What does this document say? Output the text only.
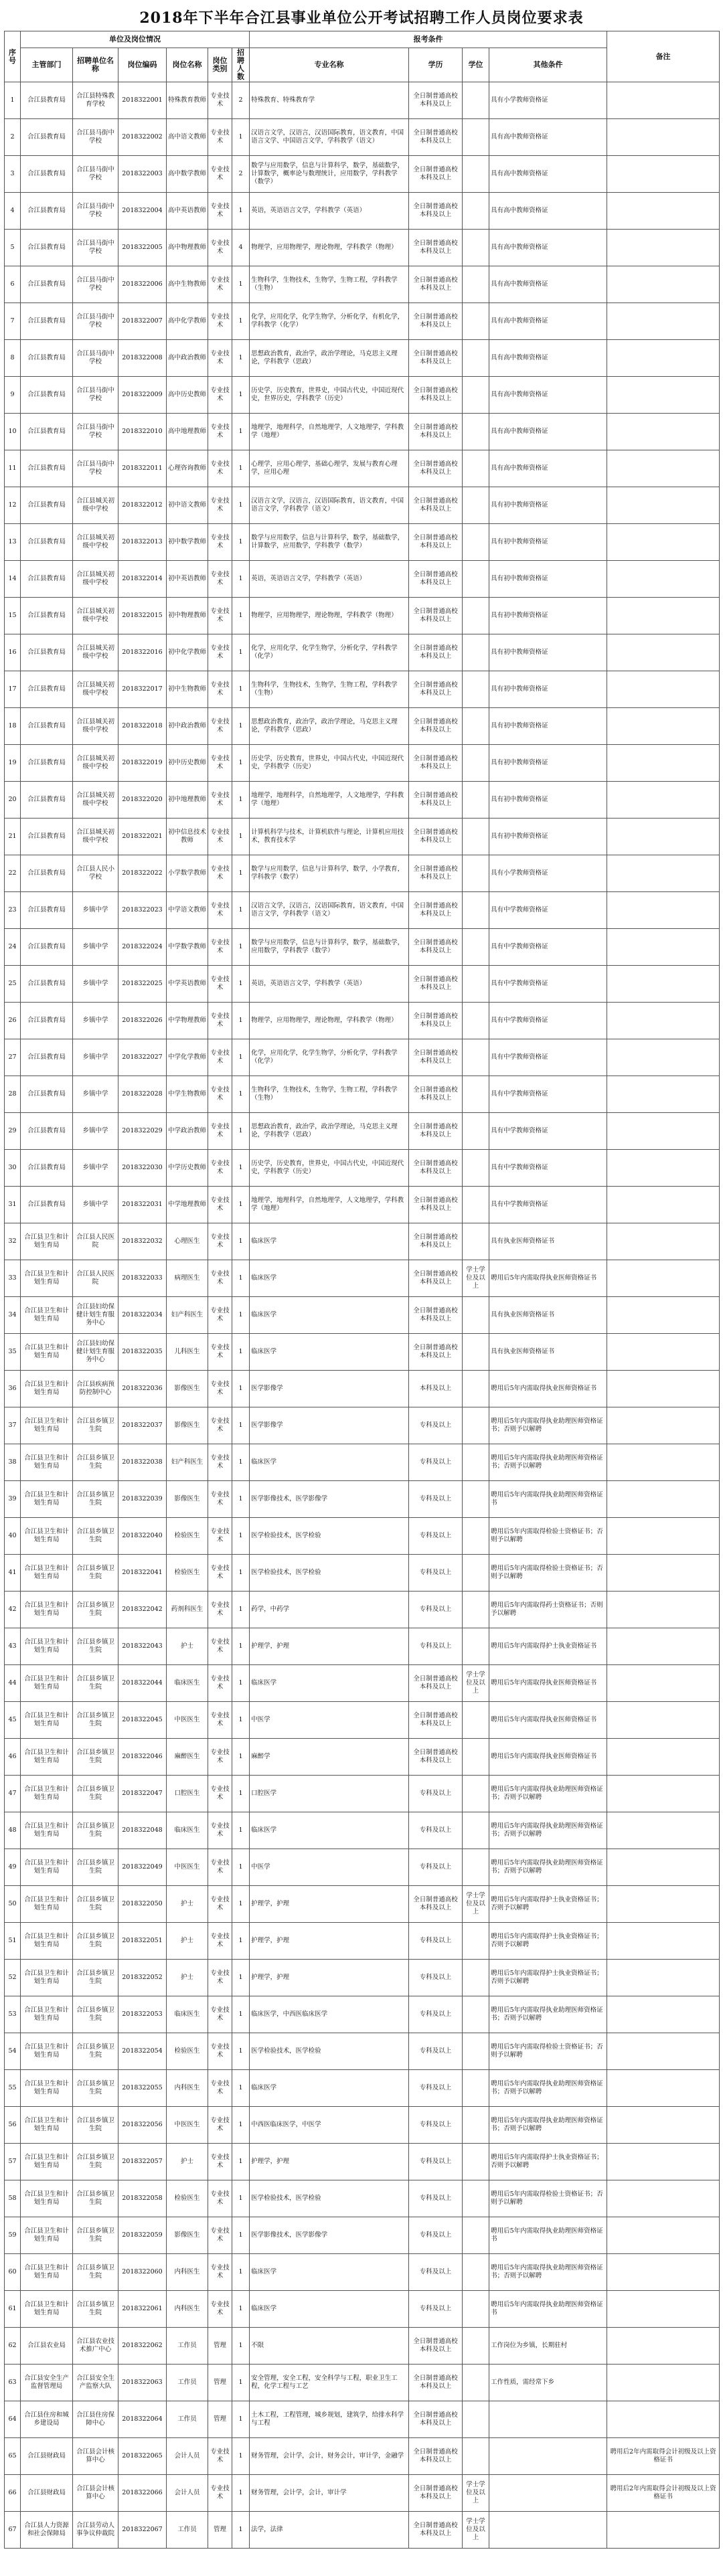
2018年下半年合江县事业单位公开考试招聘工作人员岗位要求表
序号	单位及岗位情况						报考条件				备注
	主管部门	招聘单位名称	岗位编码	岗位名称	岗位类别	招聘人数	专业名称	学历	学位	其他条件	
1	合江县教育局	合江县特殊教育学校	2018322001	特殊教育教师	专业技术	2	特殊教育、特殊教育学	全日制普通高校本科及以上		具有小学教师资格证	
2	合江县教育局	合江县马街中学校	2018322002	高中语文教师	专业技术	1	汉语言文学，汉语言，汉语国际教育，语文教育，中国语言文学、中国语言文学，学科教学（语文）	全日制普通高校本科及以上		具有高中教师资格证	
3	合江县教育局	合江县马街中学校	2018322003	高中数学教师	专业技术	2	数学与应用数学，信息与计算科学，数学，基础数学，计算数学，概率论与数理统计，应用数学，学科教学（数学）	全日制普通高校本科及以上		具有高中教师资格证	
4	合江县教育局	合江县马街中学校	2018322004	高中英语教师	专业技术	1	英语，英语语言文学，学科教学（英语）	全日制普通高校本科及以上		具有高中教师资格证	
5	合江县教育局	合江县马街中学校	2018322005	高中物理教师	专业技术	4	物理学，应用物理学，理论物理，学科教学（物理）	全日制普通高校本科及以上		具有高中教师资格证	
6	合江县教育局	合江县马街中学校	2018322006	高中生物教师	专业技术	1	生物科学，生物技术，生物学，生物工程，学科教学（生物）	全日制普通高校本科及以上		具有高中教师资格证	
7	合江县教育局	合江县马街中学校	2018322007	高中化学教师	专业技术	1	化学，应用化学，化学生物学，分析化学，有机化学，学科教学（化学）	全日制普通高校本科及以上		具有高中教师资格证	
8	合江县教育局	合江县马街中学校	2018322008	高中政治教师	专业技术	1	思想政治教育，政治学，政治学理论，马克思主义理论，学科教学（思政）	全日制普通高校本科及以上		具有高中教师资格证	
9	合江县教育局	合江县马街中学校	2018322009	高中历史教师	专业技术	1	历史学，历史教育，世界史，中国古代史，中国近现代史，世界历史，学科教学（历史）	全日制普通高校本科及以上		具有高中教师资格证	
10	合江县教育局	合江县马街中学校	2018322010	高中地理教师	专业技术	1	地理学，地理科学，自然地理学，人文地理学，学科教学（地理）	全日制普通高校本科及以上		具有高中教师资格证	
11	合江县教育局	合江县马街中学校	2018322011	心理咨询教师	专业技术	1	心理学，应用心理学，基础心理学，发展与教育心理学，应用心理	全日制普通高校本科及以上		具有高中教师资格证	
12	合江县教育局	合江县城关初级中学校	2018322012	初中语文教师	专业技术	1	汉语言文学，汉语言，汉语国际教育，语文教育，中国语言文学，学科教学（语文）	全日制普通高校本科及以上		具有初中教师资格证	
13	合江县教育局	合江县城关初级中学校	2018322013	初中数学教师	专业技术	1	数学与应用数学，信息与计算科学，数学，基础数学，计算数学，应用数学，学科教学（数学）	全日制普通高校本科及以上		具有初中教师资格证	
14	合江县教育局	合江县城关初级中学校	2018322014	初中英语教师	专业技术	1	英语，英语语言文学，学科教学（英语）	全日制普通高校本科及以上		具有初中教师资格证	
15	合江县教育局	合江县城关初级中学校	2018322015	初中物理教师	专业技术	1	物理学，应用物理学，理论物理，学科教学（物理）	全日制普通高校本科及以上		具有初中教师资格证	
16	合江县教育局	合江县城关初级中学校	2018322016	初中化学教师	专业技术	1	化学，应用化学，化学生物学，分析化学，学科教学（化学）	全日制普通高校本科及以上		具有初中教师资格证	
17	合江县教育局	合江县城关初级中学校	2018322017	初中生物教师	专业技术	1	生物科学，生物技术，生物学，生物工程，学科教学（生物）	全日制普通高校本科及以上		具有初中教师资格证	
18	合江县教育局	合江县城关初级中学校	2018322018	初中政治教师	专业技术	1	思想政治教育，政治学，政治学理论，马克思主义理论，学科教学（思政）	全日制普通高校本科及以上		具有初中教师资格证	
19	合江县教育局	合江县城关初级中学校	2018322019	初中历史教师	专业技术	1	历史学，历史教育，世界史，中国古代史，中国近现代史，学科教学（历史）	全日制普通高校本科及以上		具有初中教师资格证	
20	合江县教育局	合江县城关初级中学校	2018322020	初中地理教师	专业技术	1	地理学，地理科学，自然地理学，人文地理学，学科教学（地理）	全日制普通高校本科及以上		具有初中教师资格证	
21	合江县教育局	合江县城关初级中学校	2018322021	初中信息技术教师	专业技术	1	计算机科学与技术，计算机软件与理论，计算机应用技术，教育技术学	全日制普通高校本科及以上		具有初中教师资格证	
22	合江县教育局	合江县人民小学校	2018322022	小学数学教师	专业技术	1	数学与应用数学，信息与计算科学，数学，小学教育，学科教学（数学）	全日制普通高校本科及以上		具有小学教师资格证	
23	合江县教育局	乡镇中学	2018322023	中学语文教师	专业技术	1	汉语言文学，汉语言，汉语国际教育，语文教育，中国语言文学，学科教学（语文）	全日制普通高校本科及以上		具有中学教师资格证	
24	合江县教育局	乡镇中学	2018322024	中学数学教师	专业技术	1	数学与应用数学，信息与计算科学，数学，基础数学，应用数学，学科教学（数学）	全日制普通高校本科及以上		具有中学教师资格证	
25	合江县教育局	乡镇中学	2018322025	中学英语教师	专业技术	1	英语，英语语言文学，学科教学（英语）	全日制普通高校本科及以上		具有中学教师资格证	
26	合江县教育局	乡镇中学	2018322026	中学物理教师	专业技术	1	物理学，应用物理学，理论物理，学科教学（物理）	全日制普通高校本科及以上		具有中学教师资格证	
27	合江县教育局	乡镇中学	2018322027	中学化学教师	专业技术	1	化学，应用化学，化学生物学，分析化学，学科教学（化学）	全日制普通高校本科及以上		具有中学教师资格证	
28	合江县教育局	乡镇中学	2018322028	中学生物教师	专业技术	1	生物科学，生物技术，生物学，生物工程，学科教学（生物）	全日制普通高校本科及以上		具有中学教师资格证	
29	合江县教育局	乡镇中学	2018322029	中学政治教师	专业技术	1	思想政治教育，政治学，政治学理论，马克思主义理论，学科教学（思政）	全日制普通高校本科及以上		具有中学教师资格证	
30	合江县教育局	乡镇中学	2018322030	中学历史教师	专业技术	1	历史学，历史教育，世界史，中国古代史，中国近现代史，学科教学（历史）	全日制普通高校本科及以上		具有中学教师资格证	
31	合江县教育局	乡镇中学	2018322031	中学地理教师	专业技术	1	地理学，地理科学，自然地理学，人文地理学，学科教学（地理）	全日制普通高校本科及以上		具有中学教师资格证	
32	合江县卫生和计划生育局	合江县人民医院	2018322032	心理医生	专业技术	1	临床医学	全日制普通高校本科及以上		具有执业医师资格证书	
33	合江县卫生和计划生育局	合江县人民医院	2018322033	病理医生	专业技术	1	临床医学	全日制普通高校本科及以上	学士学位及以上	聘用后5年内需取得执业医师资格证书	
34	合江县卫生和计划生育局	合江县妇幼保健计划生育服务中心	2018322034	妇产科医生	专业技术	1	临床医学	全日制普通高校本科及以上		具有执业医师资格证书	
35	合江县卫生和计划生育局	合江县妇幼保健计划生育服务中心	2018322035	儿科医生	专业技术	1	临床医学	全日制普通高校本科及以上		具有执业医师资格证书	
36	合江县卫生和计划生育局	合江县疾病预防控制中心	2018322036	影像医生	专业技术	1	医学影像学	本科及以上		聘用后5年内需取得执业医师资格证书	
37	合江县卫生和计划生育局	合江县乡镇卫生院	2018322037	影像医生	专业技术	1	医学影像学	专科及以上		聘用后5年内需取得执业助理医师资格证书；否则予以解聘	
38	合江县卫生和计划生育局	合江县乡镇卫生院	2018322038	妇产科医生	专业技术	1	临床医学	专科及以上		聘用后5年内需取得执业助理医师资格证书；否则予以解聘	
39	合江县卫生和计划生育局	合江县乡镇卫生院	2018322039	影像医生	专业技术	1	医学影像技术，医学影像学	专科及以上		聘用后5年内需取得执业助理医师资格证书	
40	合江县卫生和计划生育局	合江县乡镇卫生院	2018322040	检验医生	专业技术	1	医学检验技术，医学检验	专科及以上		聘用后5年内需取得检验士资格证书；否则予以解聘	
41	合江县卫生和计划生育局	合江县乡镇卫生院	2018322041	检验医生	专业技术	1	医学检验技术，医学检验	专科及以上		聘用后5年内需取得检验士资格证书；否则予以解聘	
42	合江县卫生和计划生育局	合江县乡镇卫生院	2018322042	药剂科医生	专业技术	1	药学，中药学	专科及以上		聘用后5年内需取得药士资格证书；否则予以解聘	
43	合江县卫生和计划生育局	合江县乡镇卫生院	2018322043	护士	专业技术	1	护理学，护理	专科及以上		聘用后5年内需取得护士执业资格证书	
44	合江县卫生和计划生育局	合江县乡镇卫生院	2018322044	临床医生	专业技术	1	临床医学	全日制普通高校本科及以上	学士学位及以上	聘用后5年内需取得执业医师资格证书	
45	合江县卫生和计划生育局	合江县乡镇卫生院	2018322045	中医医生	专业技术	1	中医学	全日制普通高校本科及以上		聘用后5年内需取得执业医师资格证书	
46	合江县卫生和计划生育局	合江县乡镇卫生院	2018322046	麻醉医生	专业技术	1	麻醉学	全日制普通高校本科及以上		聘用后5年内需取得执业医师资格证书	
47	合江县卫生和计划生育局	合江县乡镇卫生院	2018322047	口腔医生	专业技术	1	口腔医学	专科及以上		聘用后5年内需取得执业助理医师资格证书；否则予以解聘	
48	合江县卫生和计划生育局	合江县乡镇卫生院	2018322048	临床医生	专业技术	1	临床医学	专科及以上		聘用后5年内需取得执业助理医师资格证书；否则予以解聘	
49	合江县卫生和计划生育局	合江县乡镇卫生院	2018322049	中医医生	专业技术	1	中医学	专科及以上		聘用后5年内需取得执业助理医师资格证书；否则予以解聘	
50	合江县卫生和计划生育局	合江县乡镇卫生院	2018322050	护士	专业技术	1	护理学，护理	全日制普通高校本科及以上	学士学位及以上	聘用后5年内需取得护士执业资格证书；否则予以解聘	
51	合江县卫生和计划生育局	合江县乡镇卫生院	2018322051	护士	专业技术	1	护理学，护理	专科及以上		聘用后5年内需取得护士执业资格证书；否则予以解聘	
52	合江县卫生和计划生育局	合江县乡镇卫生院	2018322052	护士	专业技术	1	护理学，护理	专科及以上		聘用后5年内需取得护士执业资格证书；否则予以解聘	
53	合江县卫生和计划生育局	合江县乡镇卫生院	2018322053	临床医生	专业技术	1	临床医学，中西医临床医学	专科及以上		聘用后5年内需取得执业助理医师资格证书；否则予以解聘	
54	合江县卫生和计划生育局	合江县乡镇卫生院	2018322054	检验医生	专业技术	1	医学检验技术，医学检验	专科及以上		聘用后5年内需取得检验士资格证书；否则予以解聘	
55	合江县卫生和计划生育局	合江县乡镇卫生院	2018322055	内科医生	专业技术	1	临床医学	专科及以上		聘用后5年内需取得执业助理医师资格证书；否则予以解聘	
56	合江县卫生和计划生育局	合江县乡镇卫生院	2018322056	中医医生	专业技术	1	中西医临床医学，中医学	专科及以上		聘用后5年内需取得执业助理医师资格证书；否则予以解聘	
57	合江县卫生和计划生育局	合江县乡镇卫生院	2018322057	护士	专业技术	1	护理学，护理	专科及以上		聘用后5年内需取得护士执业资格证书；否则予以解聘	
58	合江县卫生和计划生育局	合江县乡镇卫生院	2018322058	检验医生	专业技术	1	医学检验技术，医学检验	专科及以上		聘用后5年内需取得检验士资格证书；否则予以解聘	
59	合江县卫生和计划生育局	合江县乡镇卫生院	2018322059	影像医生	专业技术	1	医学影像技术，医学影像学	专科及以上		聘用后5年内需取得执业助理医师资格证书	
60	合江县卫生和计划生育局	合江县乡镇卫生院	2018322060	内科医生	专业技术	1	临床医学	专科及以上		聘用后5年内需取得执业助理医师资格证书；否则予以解聘	
61	合江县卫生和计划生育局	合江县乡镇卫生院	2018322061	内科医生	专业技术	1	临床医学	专科及以上		聘用后5年内需取得执业助理医师资格证书	
62	合江县农业局	合江县农业技术推广中心	2018322062	工作员	管理	1	不限	全日制普通高校本科及以上		工作岗位为乡镇，长期驻村	
63	合江县安全生产监督管理局	合江县安全生产监察大队	2018322063	工作员	管理	1	安全管理，安全工程，安全科学与工程，职业卫生工程，化学工程与工艺	全日制普通高校本科及以上		工作性质，需经常下乡	
64	合江县住房和城乡建设局	合江县住房保障中心	2018322064	工作员	管理	1	土木工程，工程管理，城乡规划，建筑学，给排水科学与工程	全日制普通高校本科及以上			
65	合江县财政局	合江县会计核算中心	2018322065	会计人员	专业技术	1	财务管理，会计学，会计，财务会计，审计学，金融学	全日制普通高校本科及以上			聘用后2年内需取得会计初级及以上资格证书
66	合江县财政局	合江县会计核算中心	2018322066	会计人员	专业技术	1	财务管理，会计学，会计，审计学	全日制普通高校本科及以上	学士学位及以上		聘用后2年内需取得会计初级及以上资格证书
67	合江县人力资源和社会保障局	合江县劳动人事争议仲裁院	2018322067	工作员	管理	1	法学，法律	全日制普通高校本科及以上	学士学位及以上		
